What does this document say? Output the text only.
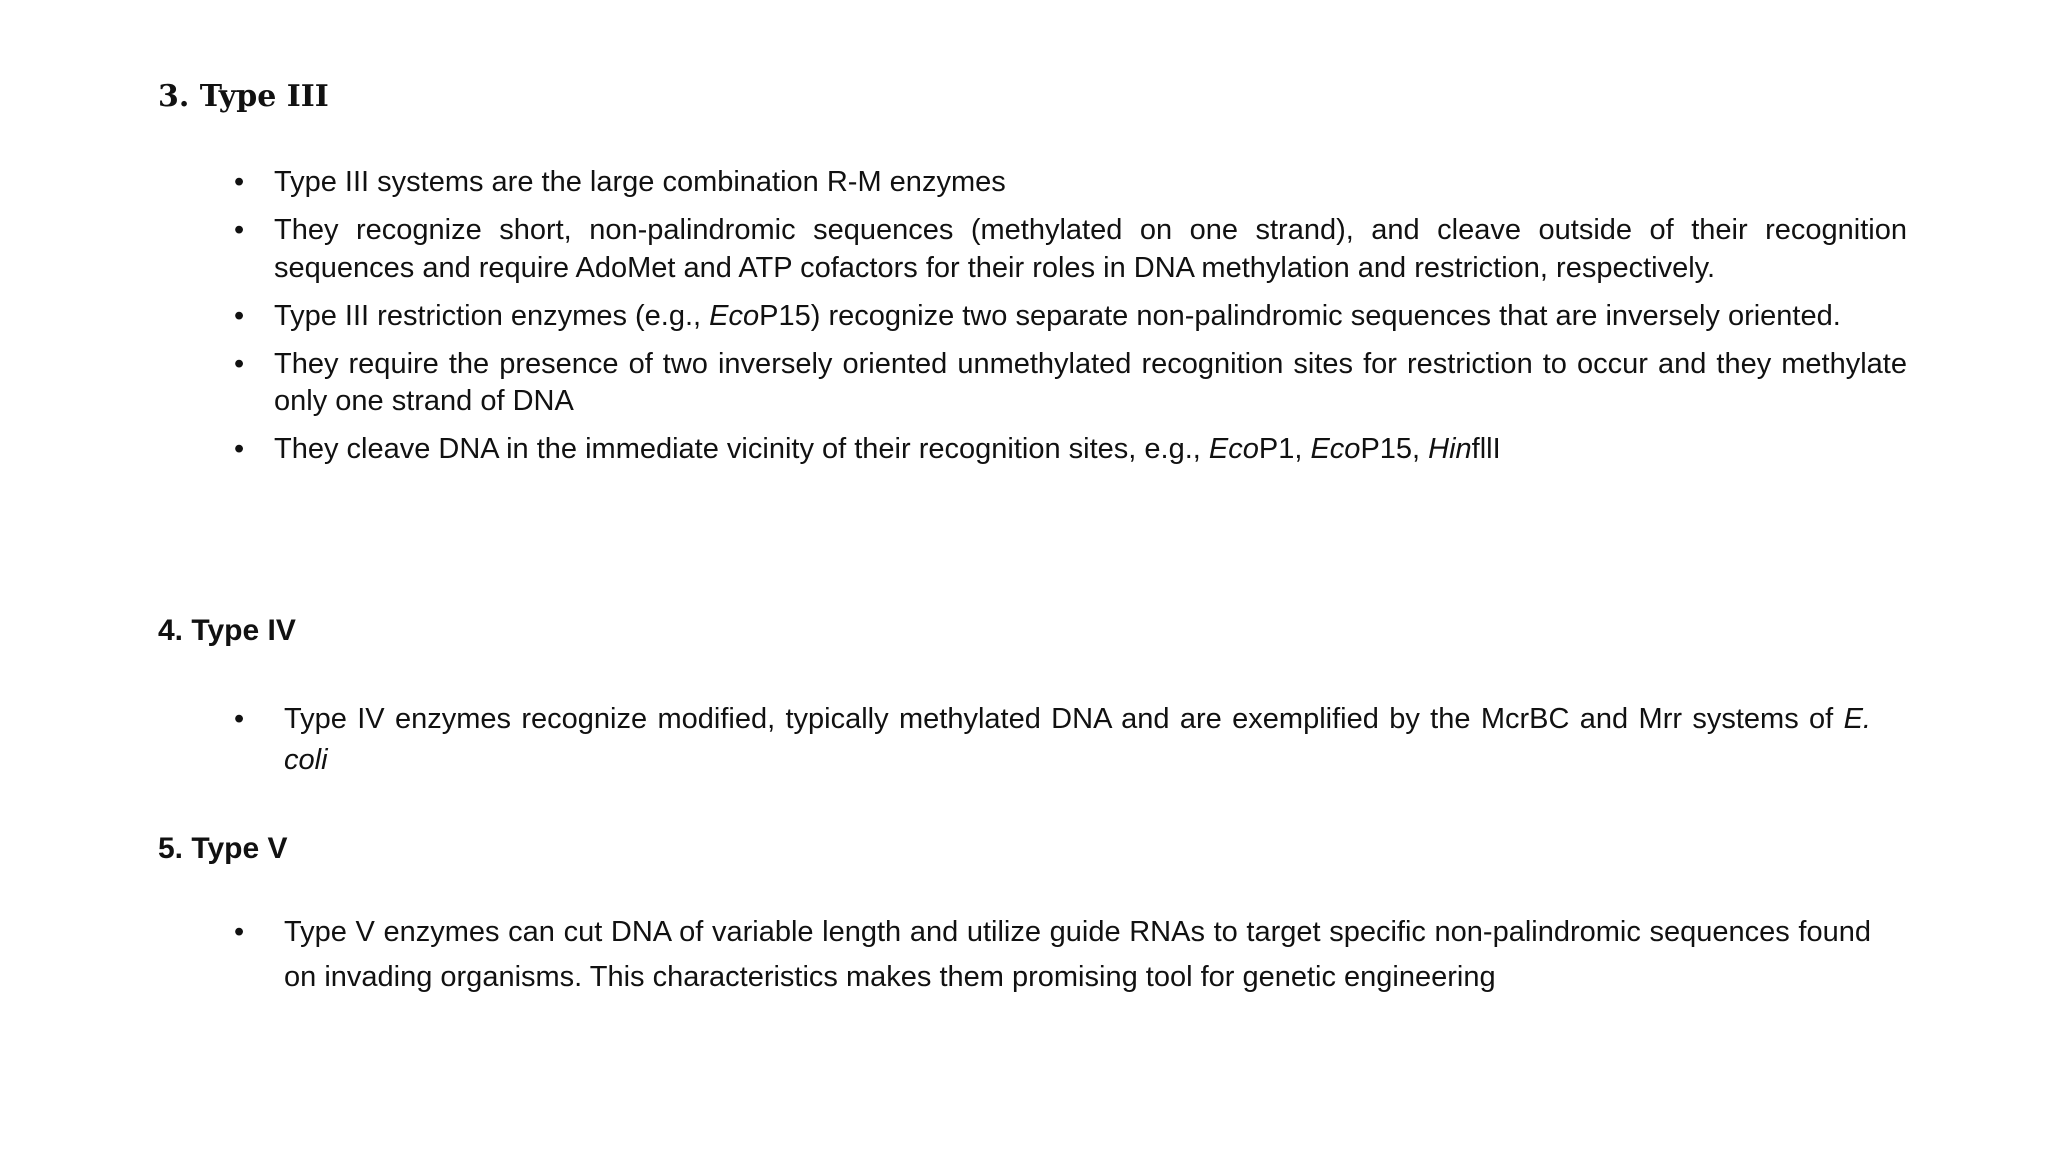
3. Type III
• Type III systems are the large combination R-M enzymes
• They recognize short, non-palindromic sequences (methylated on one strand), and cleave outside of their recognition sequences and require AdoMet and ATP cofactors for their roles in DNA methylation and restriction, respectively.
• Type III restriction enzymes (e.g., EcoP15) recognize two separate non-palindromic sequences that are inversely oriented.
• They require the presence of two inversely oriented unmethylated recognition sites for restriction to occur and they methylate only one strand of DNA
• They cleave DNA in the immediate vicinity of their recognition sites, e.g., EcoP1, EcoP15, HinfllI
4. Type IV
• Type IV enzymes recognize modified, typically methylated DNA and are exemplified by the McrBC and Mrr systems of E. coli
5. Type V
• Type V enzymes can cut DNA of variable length and utilize guide RNAs to target specific non-palindromic sequences found on invading organisms. This characteristics makes them promising tool for genetic engineering
